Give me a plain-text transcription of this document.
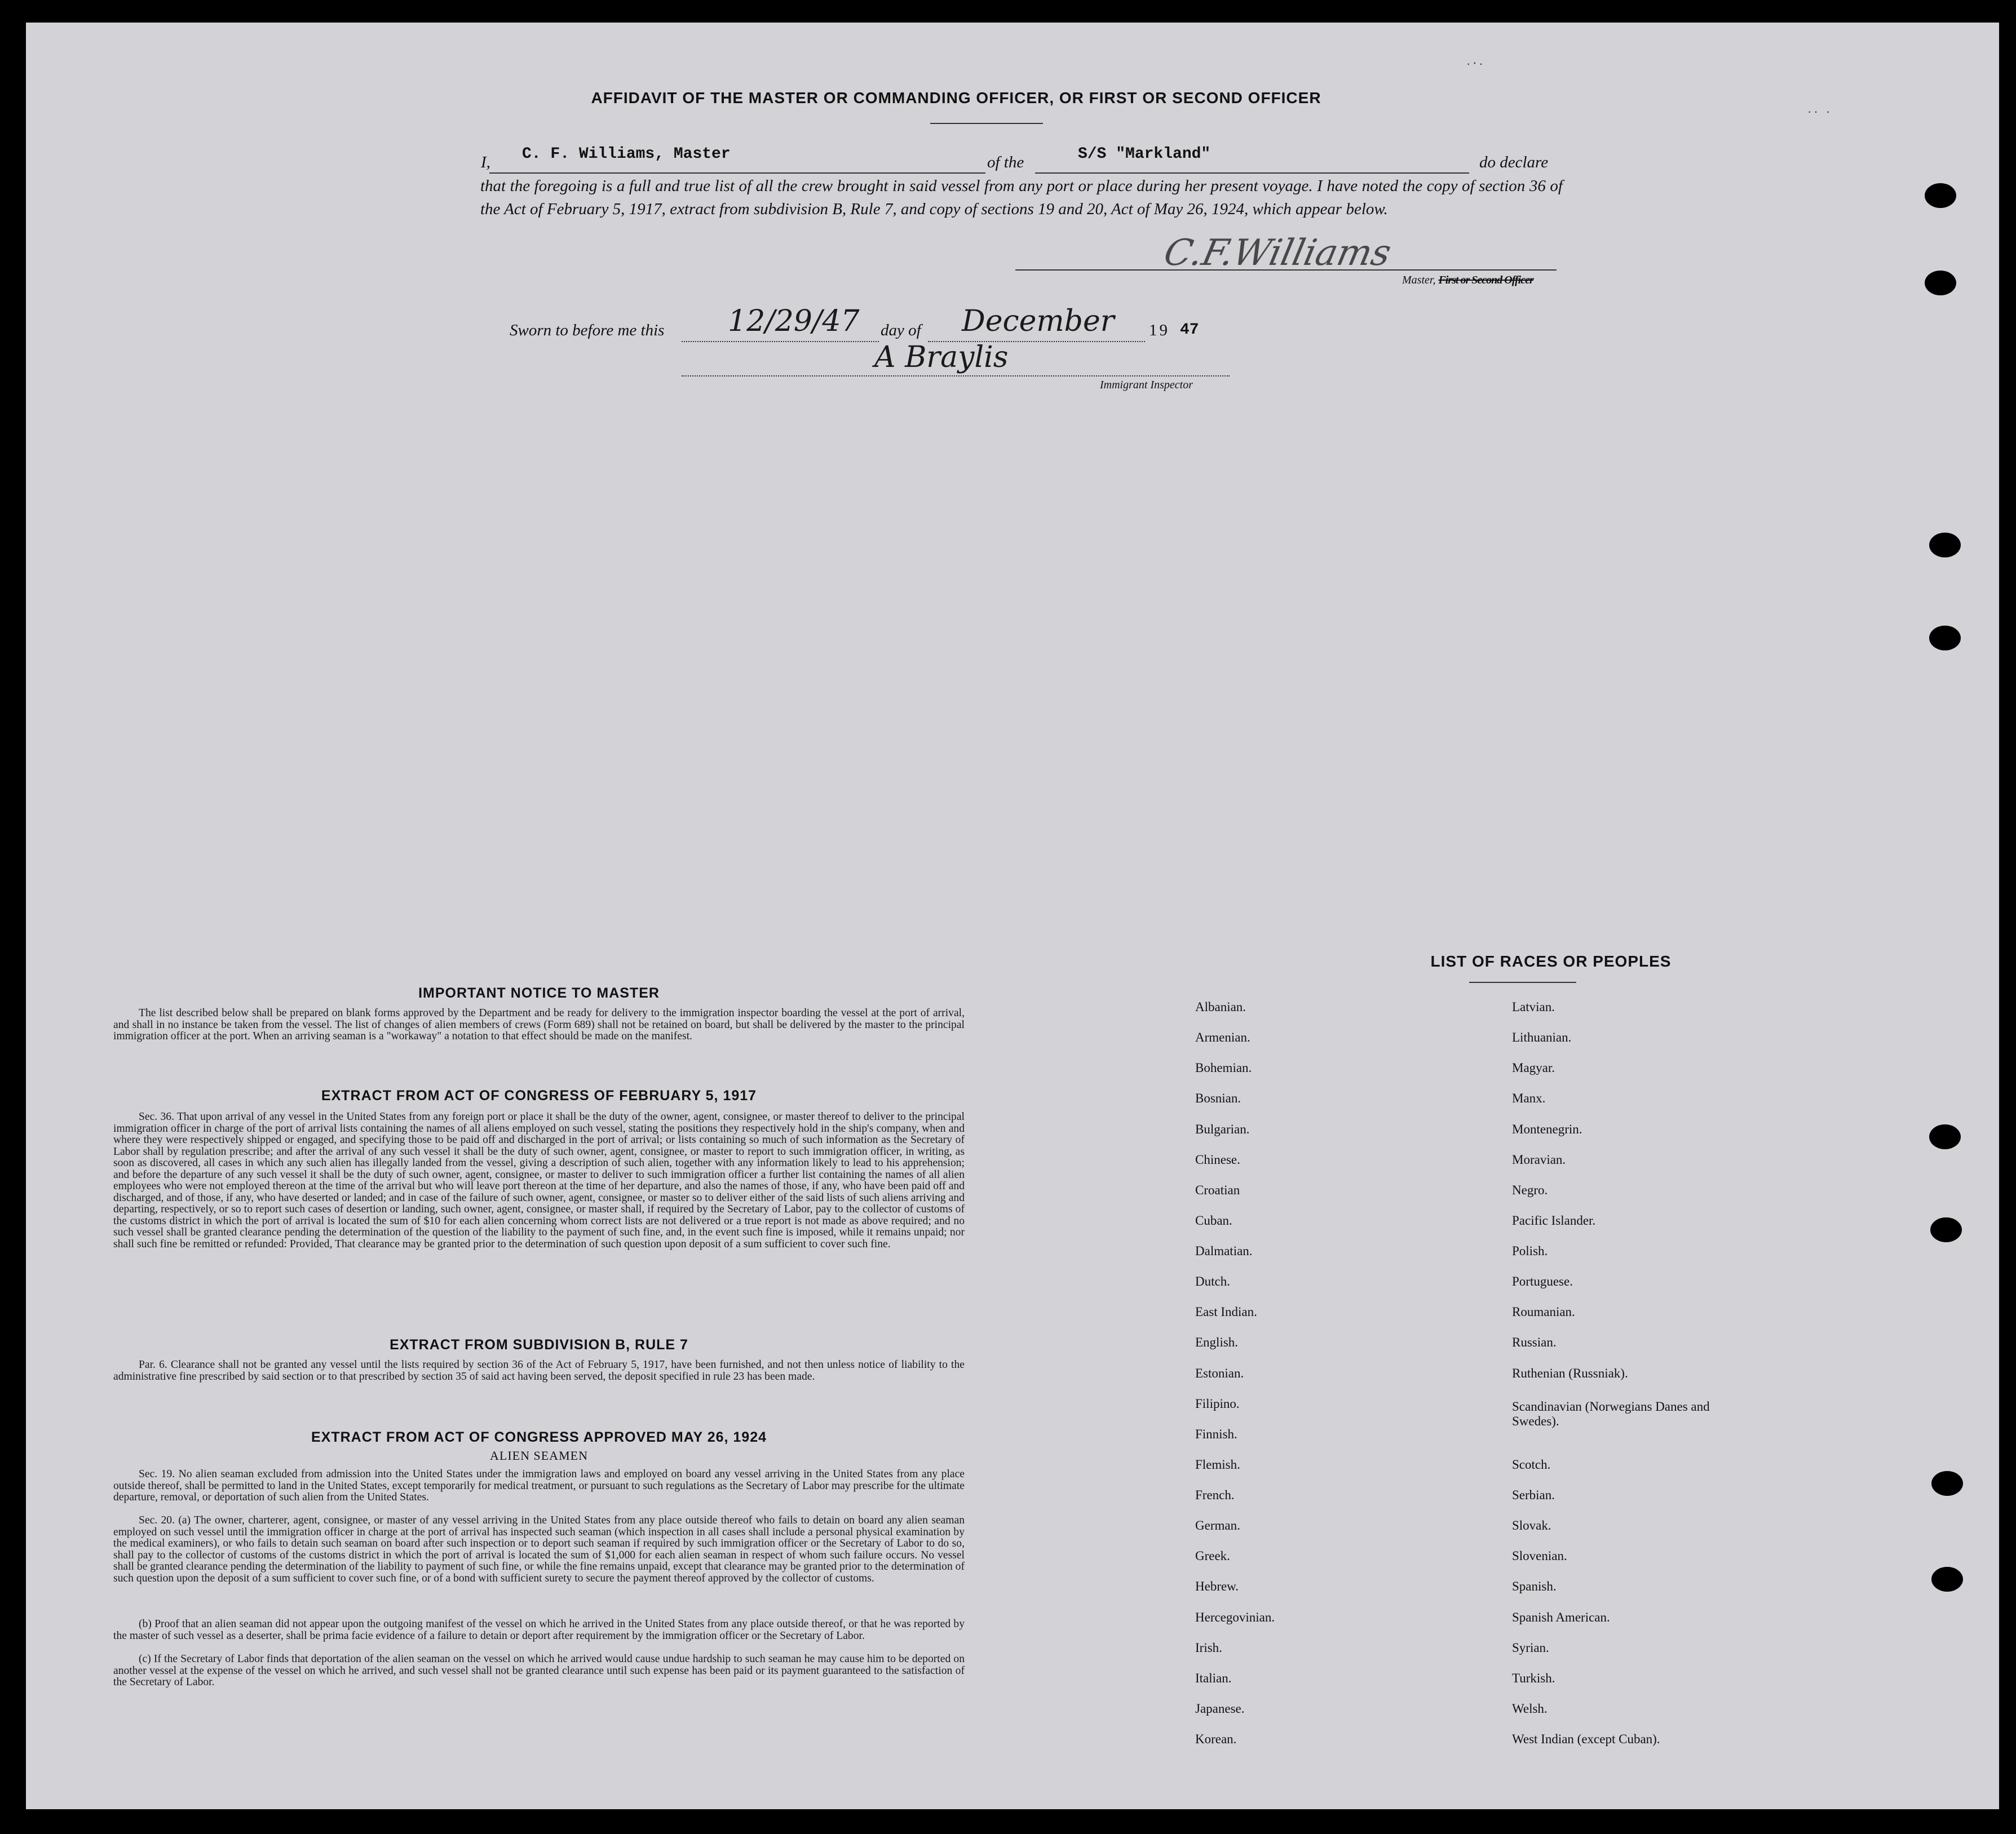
·‧·
·· ·
AFFIDAVIT OF THE MASTER OR COMMANDING OFFICER, OR FIRST OR SECOND OFFICER
I, C. F. Williams, Master	of the	S/S "Markland"	do declare
that the foregoing is a full and true list of all the crew brought in said vessel from any port or place during her present voyage. I have noted the copy of section 36 of the Act of February 5, 1917, extract from subdivision B, Rule 7, and copy of sections 19 and 20, Act of May 26, 1924, which appear below.
C.F.Williams
Master, First or Second Officer
Sworn to before me this 12/29/47 day of December 19 47
A Braylis
Immigrant Inspector
IMPORTANT NOTICE TO MASTER
The list described below shall be prepared on blank forms approved by the Department and be ready for delivery to the immigration inspector boarding the vessel at the port of arrival, and shall in no instance be taken from the vessel. The list of changes of alien members of crews (Form 689) shall not be retained on board, but shall be delivered by the master to the principal immigration officer at the port. When an arriving seaman is a "workaway" a notation to that effect should be made on the manifest.
EXTRACT FROM ACT OF CONGRESS OF FEBRUARY 5, 1917
Sec. 36. That upon arrival of any vessel in the United States from any foreign port or place it shall be the duty of the owner, agent, consignee, or master thereof to deliver to the principal immigration officer in charge of the port of arrival lists containing the names of all aliens employed on such vessel, stating the positions they respectively hold in the ship's company, when and where they were respectively shipped or engaged, and specifying those to be paid off and discharged in the port of arrival; or lists containing so much of such information as the Secretary of Labor shall by regulation prescribe; and after the arrival of any such vessel it shall be the duty of such owner, agent, consignee, or master to report to such immigration officer, in writing, as soon as discovered, all cases in which any such alien has illegally landed from the vessel, giving a description of such alien, together with any information likely to lead to his apprehension; and before the departure of any such vessel it shall be the duty of such owner, agent, consignee, or master to deliver to such immigration officer a further list containing the names of all alien employees who were not employed thereon at the time of the arrival but who will leave port thereon at the time of her departure, and also the names of those, if any, who have been paid off and discharged, and of those, if any, who have deserted or landed; and in case of the failure of such owner, agent, consignee, or master so to deliver either of the said lists of such aliens arriving and departing, respectively, or so to report such cases of desertion or landing, such owner, agent, consignee, or master shall, if required by the Secretary of Labor, pay to the collector of customs of the customs district in which the port of arrival is located the sum of $10 for each alien concerning whom correct lists are not delivered or a true report is not made as above required; and no such vessel shall be granted clearance pending the determination of the question of the liability to the payment of such fine, and, in the event such fine is imposed, while it remains unpaid; nor shall such fine be remitted or refunded: Provided, That clearance may be granted prior to the determination of such question upon deposit of a sum sufficient to cover such fine.
EXTRACT FROM SUBDIVISION B, RULE 7
Par. 6. Clearance shall not be granted any vessel until the lists required by section 36 of the Act of February 5, 1917, have been furnished, and not then unless notice of liability to the administrative fine prescribed by said section or to that prescribed by section 35 of said act having been served, the deposit specified in rule 23 has been made.
EXTRACT FROM ACT OF CONGRESS APPROVED MAY 26, 1924
ALIEN SEAMEN
Sec. 19. No alien seaman excluded from admission into the United States under the immigration laws and employed on board any vessel arriving in the United States from any place outside thereof, shall be permitted to land in the United States, except temporarily for medical treatment, or pursuant to such regulations as the Secretary of Labor may prescribe for the ultimate departure, removal, or deportation of such alien from the United States.
Sec. 20. (a) The owner, charterer, agent, consignee, or master of any vessel arriving in the United States from any place outside thereof who fails to detain on board any alien seaman employed on such vessel until the immigration officer in charge at the port of arrival has inspected such seaman (which inspection in all cases shall include a personal physical examination by the medical examiners), or who fails to detain such seaman on board after such inspection or to deport such seaman if required by such immigration officer or the Secretary of Labor to do so, shall pay to the collector of customs of the customs district in which the port of arrival is located the sum of $1,000 for each alien seaman in respect of whom such failure occurs. No vessel shall be granted clearance pending the determination of the liability to payment of such fine, or while the fine remains unpaid, except that clearance may be granted prior to the determination of such question upon the deposit of a sum sufficient to cover such fine, or of a bond with sufficient surety to secure the payment thereof approved by the collector of customs.
(b) Proof that an alien seaman did not appear upon the outgoing manifest of the vessel on which he arrived in the United States from any place outside thereof, or that he was reported by the master of such vessel as a deserter, shall be prima facie evidence of a failure to detain or deport after requirement by the immigration officer or the Secretary of Labor.
(c) If the Secretary of Labor finds that deportation of the alien seaman on the vessel on which he arrived would cause undue hardship to such seaman he may cause him to be deported on another vessel at the expense of the vessel on which he arrived, and such vessel shall not be granted clearance until such expense has been paid or its payment guaranteed to the satisfaction of the Secretary of Labor.
LIST OF RACES OR PEOPLES
Albanian.
Armenian.
Bohemian.
Bosnian.
Bulgarian.
Chinese.
Croatian
Cuban.
Dalmatian.
Dutch.
East Indian.
English.
Estonian.
Filipino.
Finnish.
Flemish.
French.
German.
Greek.
Hebrew.
Hercegovinian.
Irish.
Italian.
Japanese.
Korean.
Latvian.
Lithuanian.
Magyar.
Manx.
Montenegrin.
Moravian.
Negro.
Pacific Islander.
Polish.
Portuguese.
Roumanian.
Russian.
Ruthenian (Russniak).
Scandinavian (Norwegians Danes and Swedes).
Scotch.
Serbian.
Slovak.
Slovenian.
Spanish.
Spanish American.
Syrian.
Turkish.
Welsh.
West Indian (except Cuban).
